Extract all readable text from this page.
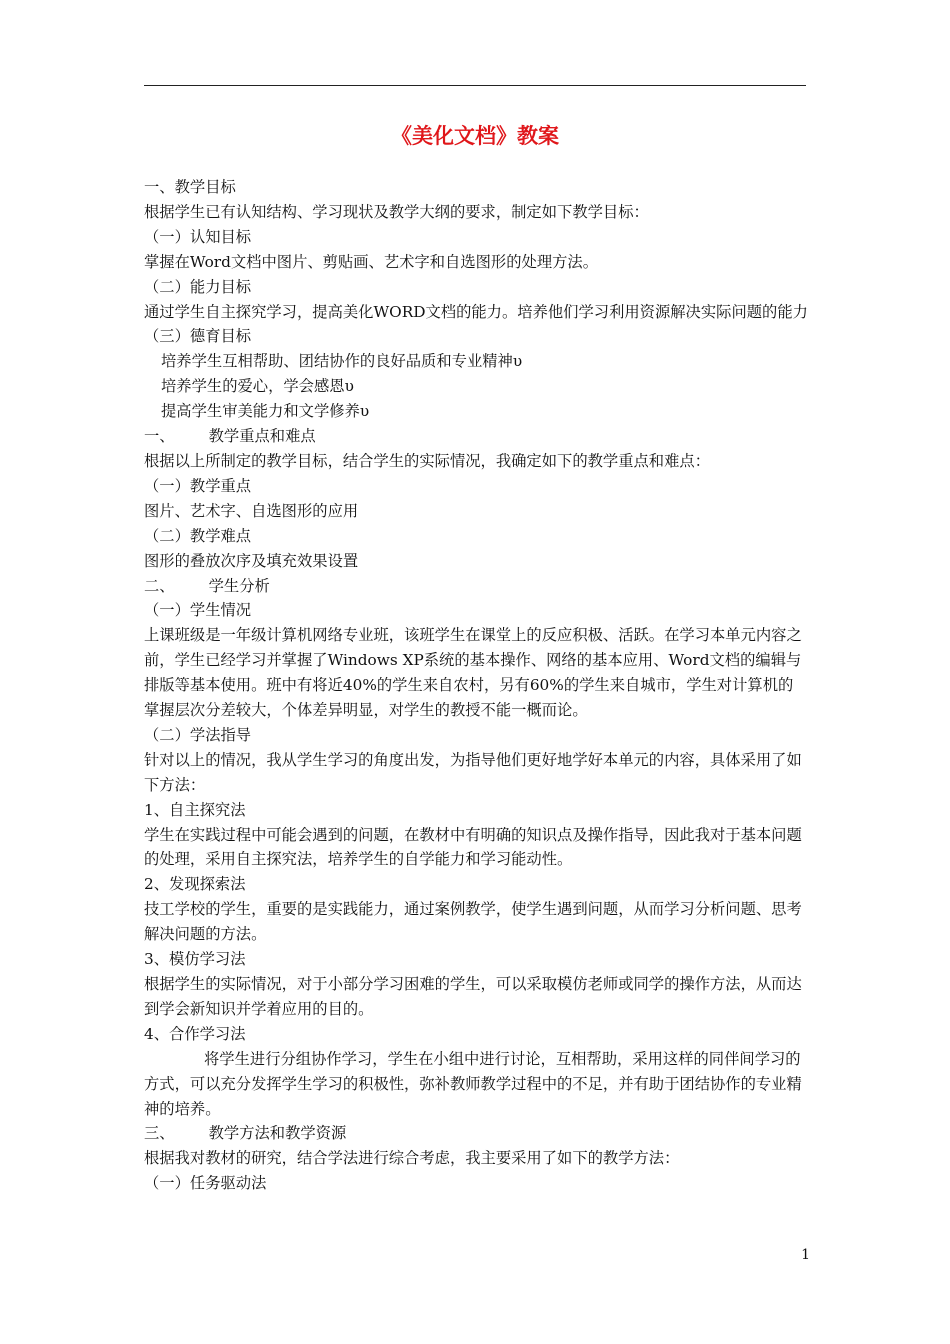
《美化文档》教案

一、教学目标

根据学生已有认知结构、学习现状及教学大纲的要求，制定如下教学目标：

（一）认知目标

掌握在Word文档中图片、剪贴画、艺术字和自选图形的处理方法。

（二）能力目标

通过学生自主探究学习，提高美化WORD文档的能力。培养他们学习利用资源解决实际问题的能力

（三）德育目标

培养学生互相帮助、团结协作的良好品质和专业精神υ

培养学生的爱心，学会感恩υ

提高学生审美能力和文学修养υ

一、 教学重点和难点

根据以上所制定的教学目标，结合学生的实际情况，我确定如下的教学重点和难点：

（一）教学重点

图片、艺术字、自选图形的应用

（二）教学难点

图形的叠放次序及填充效果设置

二、 学生分析

（一）学生情况

上课班级是一年级计算机网络专业班，该班学生在课堂上的反应积极、活跃。在学习本单元内容之前，学生已经学习并掌握了Windows XP系统的基本操作、网络的基本应用、Word文档的编辑与排版等基本使用。班中有将近40%的学生来自农村，另有60%的学生来自城市，学生对计算机的掌握层次分差较大，个体差异明显，对学生的教授不能一概而论。

（二）学法指导

针对以上的情况，我从学生学习的角度出发，为指导他们更好地学好本单元的内容，具体采用了如下方法：

1、自主探究法

学生在实践过程中可能会遇到的问题，在教材中有明确的知识点及操作指导，因此我对于基本问题的处理，采用自主探究法，培养学生的自学能力和学习能动性。

2、发现探索法

技工学校的学生，重要的是实践能力，通过案例教学，使学生遇到问题，从而学习分析问题、思考解决问题的方法。

3、模仿学习法

根据学生的实际情况，对于小部分学习困难的学生，可以采取模仿老师或同学的操作方法，从而达到学会新知识并学着应用的目的。

4、合作学习法

将学生进行分组协作学习，学生在小组中进行讨论，互相帮助，采用这样的同伴间学习的方式，可以充分发挥学生学习的积极性，弥补教师教学过程中的不足，并有助于团结协作的专业精神的培养。

三、 教学方法和教学资源

根据我对教材的研究，结合学法进行综合考虑，我主要采用了如下的教学方法：

（一）任务驱动法

1
